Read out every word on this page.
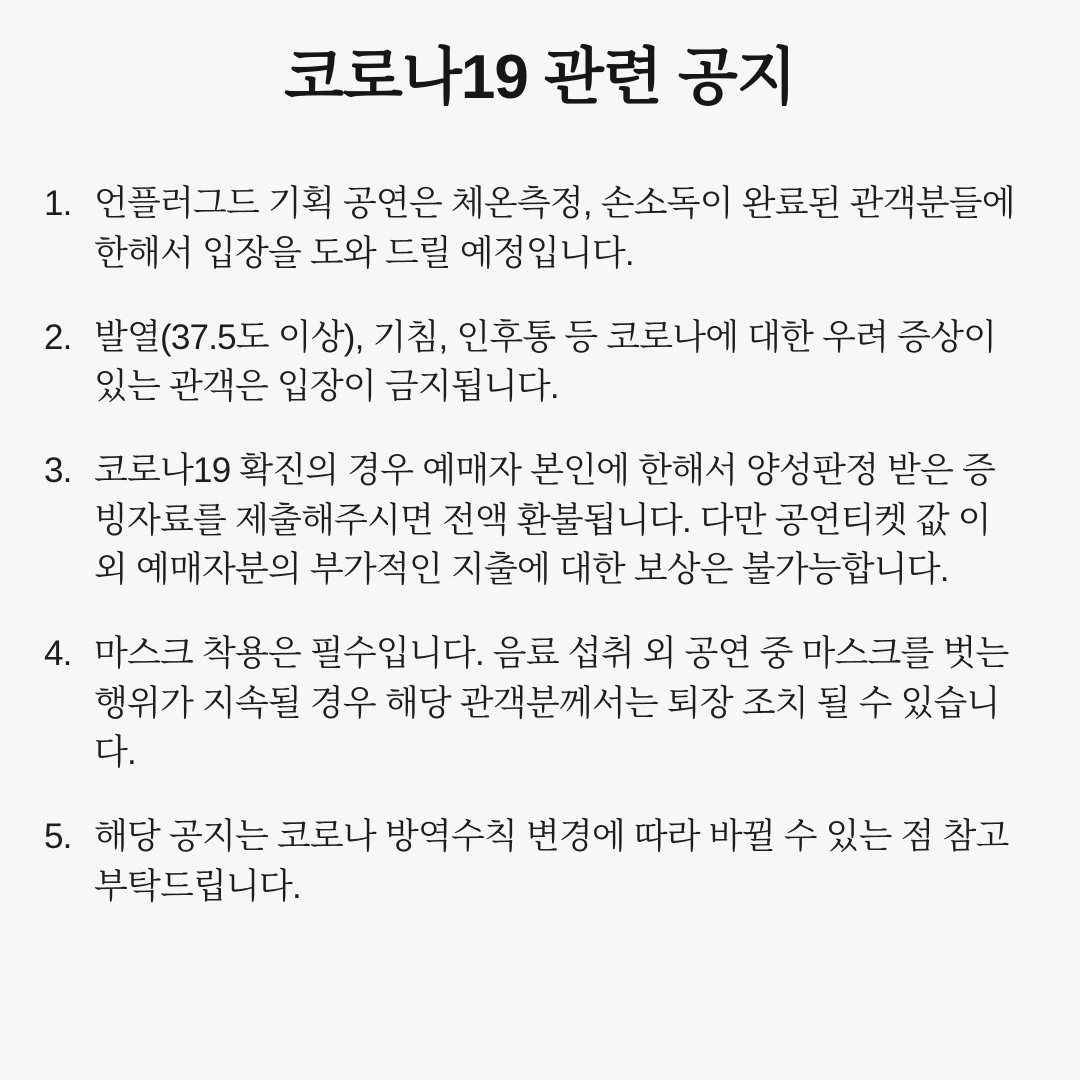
코로나19 관련 공지
1. 언플러그드 기획 공연은 체온측정, 손소독이 완료된 관객분들에 한해서 입장을 도와 드릴 예정입니다.
2. 발열(37.5도 이상), 기침, 인후통 등 코로나에 대한 우려 증상이 있는 관객은 입장이 금지됩니다.
3. 코로나19 확진의 경우 예매자 본인에 한해서 양성판정 받은 증빙자료를 제출해주시면 전액 환불됩니다. 다만 공연티켓 값 이외 예매자분의 부가적인 지출에 대한 보상은 불가능합니다.
4. 마스크 착용은 필수입니다. 음료 섭취 외 공연 중 마스크를 벗는 행위가 지속될 경우 해당 관객분께서는 퇴장 조치 될 수 있습니다.
5. 해당 공지는 코로나 방역수칙 변경에 따라 바뀔 수 있는 점 참고 부탁드립니다.
